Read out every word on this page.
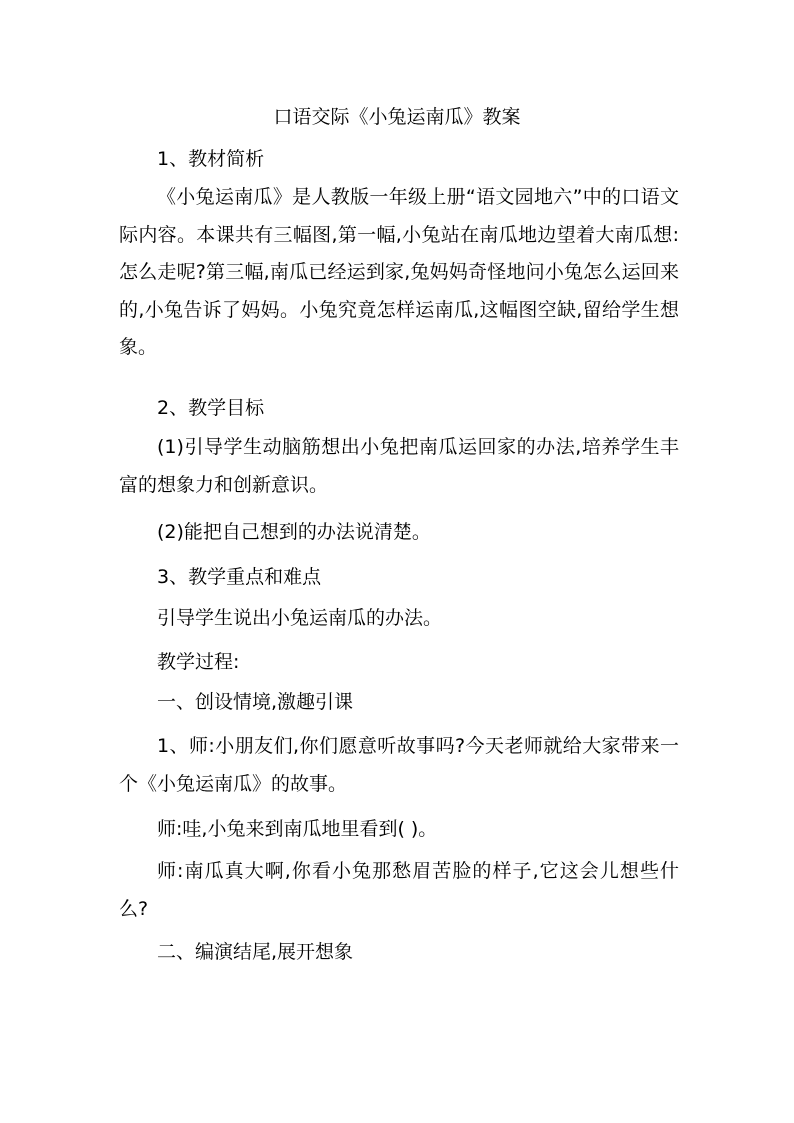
口语交际《小兔运南瓜》教案

1、教材简析

《小兔运南瓜》是人教版一年级上册“语文园地六”中的口语文际内容。本课共有三幅图,第一幅,小兔站在南瓜地边望着大南瓜想:怎么走呢?第三幅,南瓜已经运到家,兔妈妈奇怪地问小兔怎么运回来的,小兔告诉了妈妈。小兔究竟怎样运南瓜,这幅图空缺,留给学生想象。

2、教学目标

(1)引导学生动脑筋想出小兔把南瓜运回家的办法,培养学生丰富的想象力和创新意识。

(2)能把自己想到的办法说清楚。

3、教学重点和难点

引导学生说出小兔运南瓜的办法。

教学过程:

一、创设情境,激趣引课

1、师:小朋友们,你们愿意听故事吗?今天老师就给大家带来一个《小兔运南瓜》的故事。

师:哇,小兔来到南瓜地里看到( )。

师:南瓜真大啊,你看小兔那愁眉苦脸的样子,它这会儿想些什么?

二、编演结尾,展开想象
